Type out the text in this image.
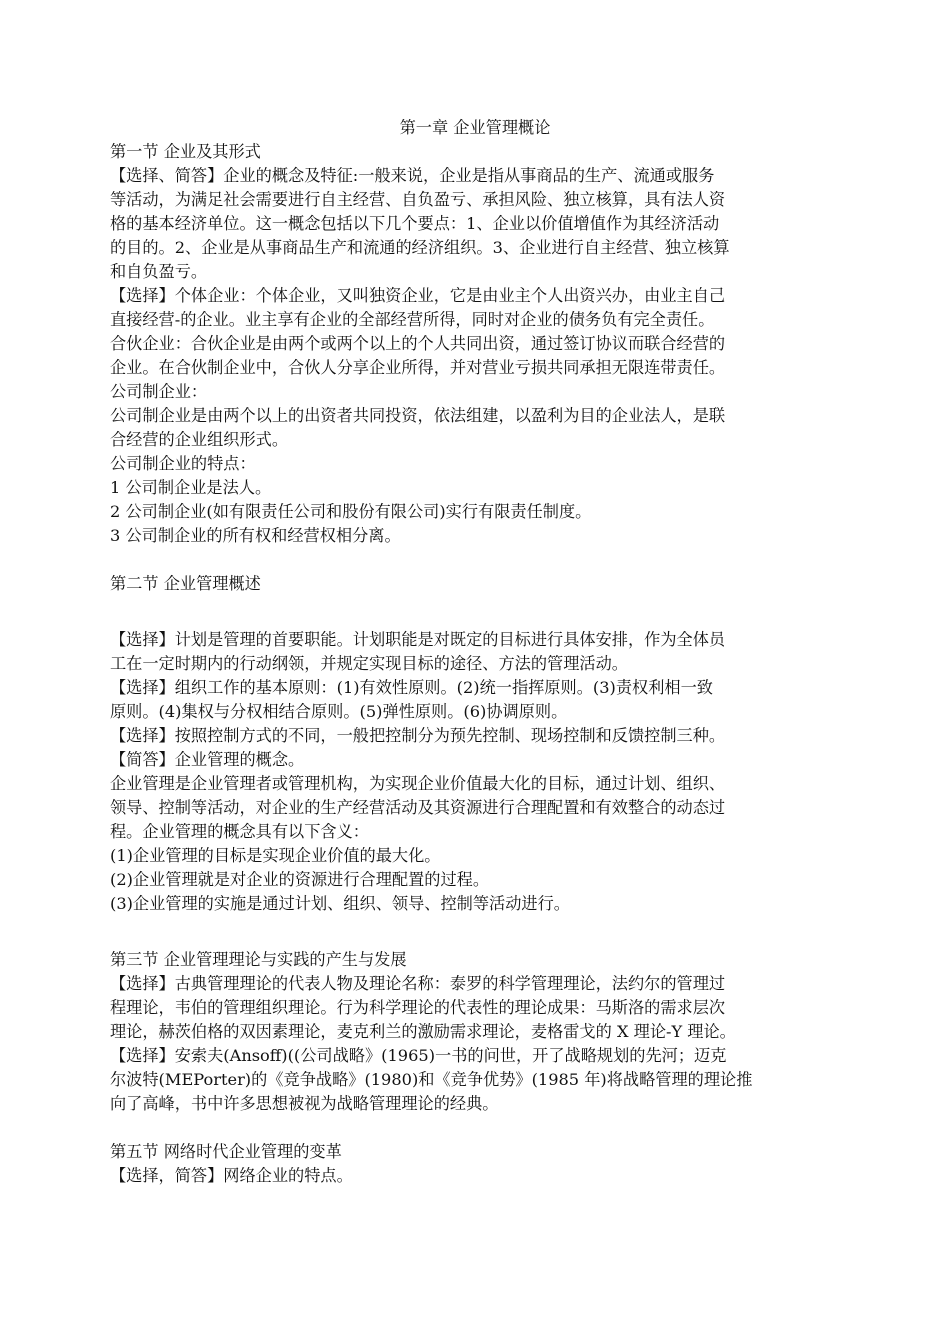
第一章 企业管理概论
第一节 企业及其形式
【选择、简答】企业的概念及特征:一般来说，企业是指从事商品的生产、流通或服务
等活动，为满足社会需要进行自主经营、自负盈亏、承担风险、独立核算，具有法人资
格的基本经济单位。这一概念包括以下几个要点：1、企业以价值增值作为其经济活动
的目的。2、企业是从事商品生产和流通的经济组织。3、企业进行自主经营、独立核算
和自负盈亏。
【选择】个体企业：个体企业，又叫独资企业，它是由业主个人出资兴办，由业主自己
直接经营-的企业。业主享有企业的全部经营所得，同时对企业的债务负有完全责任。
合伙企业：合伙企业是由两个或两个以上的个人共同出资，通过签订协议而联合经营的
企业。在合伙制企业中，合伙人分享企业所得，并对营业亏损共同承担无限连带责任。
公司制企业：
公司制企业是由两个以上的出资者共同投资，依法组建，以盈利为目的企业法人，是联
合经营的企业组织形式。
公司制企业的特点：
1 公司制企业是法人。
2 公司制企业(如有限责任公司和股份有限公司)实行有限责任制度。
3 公司制企业的所有权和经营权相分离。
第二节 企业管理概述
【选择】计划是管理的首要职能。计划职能是对既定的目标进行具体安排，作为全体员
工在一定时期内的行动纲领，并规定实现目标的途径、方法的管理活动。
【选择】组织工作的基本原则：(1)有效性原则。(2)统一指挥原则。(3)责权利相一致
原则。(4)集权与分权相结合原则。(5)弹性原则。(6)协调原则。
【选择】按照控制方式的不同，一般把控制分为预先控制、现场控制和反馈控制三种。
【简答】企业管理的概念。
企业管理是企业管理者或管理机构，为实现企业价值最大化的目标，通过计划、组织、
领导、控制等活动，对企业的生产经营活动及其资源进行合理配置和有效整合的动态过
程。企业管理的概念具有以下含义：
(1)企业管理的目标是实现企业价值的最大化。
(2)企业管理就是对企业的资源进行合理配置的过程。
(3)企业管理的实施是通过计划、组织、领导、控制等活动进行。
第三节 企业管理理论与实践的产生与发展
【选择】古典管理理论的代表人物及理论名称：泰罗的科学管理理论，法约尔的管理过
程理论，韦伯的管理组织理论。行为科学理论的代表性的理论成果：马斯洛的需求层次
理论，赫茨伯格的双因素理论，麦克利兰的激励需求理论，麦格雷戈的 X 理论-Y 理论。
【选择】安索夫(Ansoff)((公司战略》(1965)一书的问世，开了战略规划的先河；迈克
尔波特(MEPorter)的《竞争战略》(1980)和《竞争优势》(1985 年)将战略管理的理论推
向了高峰，书中许多思想被视为战略管理理论的经典。
第五节 网络时代企业管理的变革
【选择，简答】网络企业的特点。
